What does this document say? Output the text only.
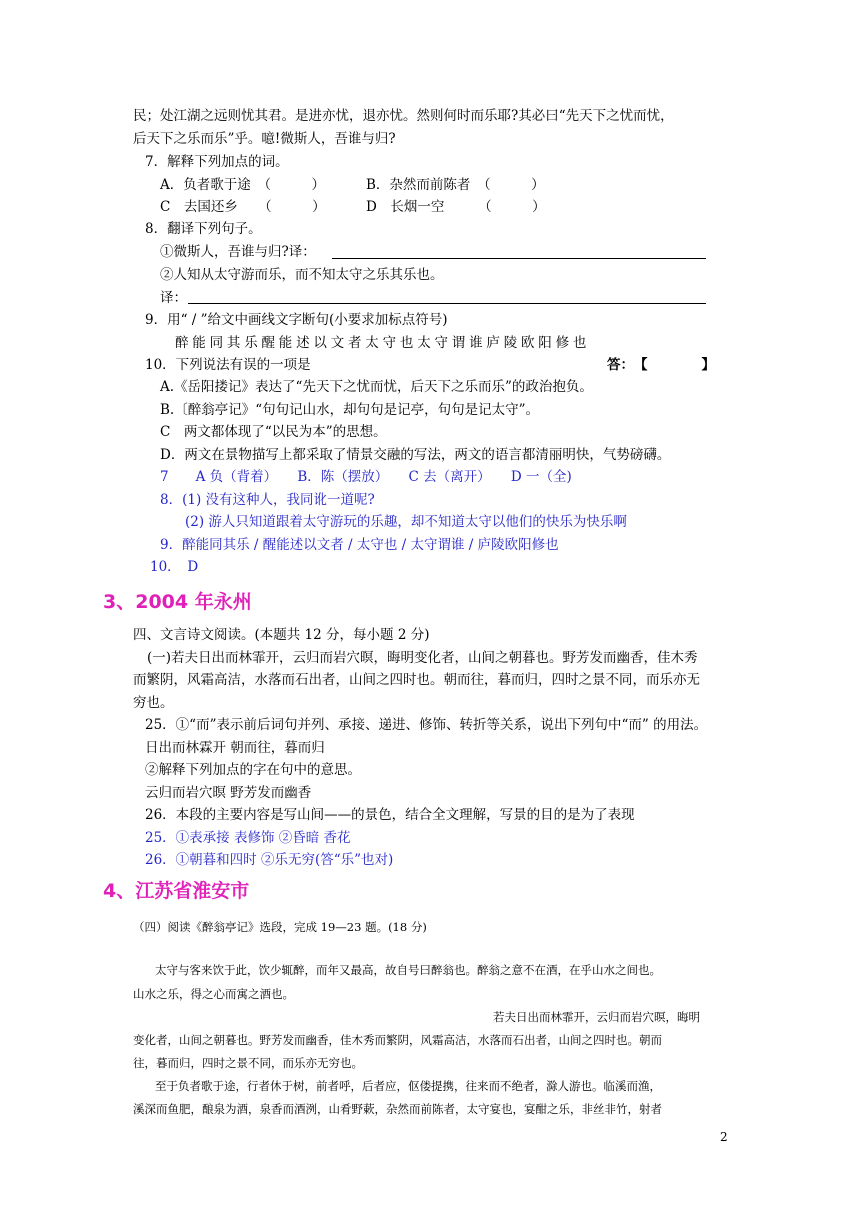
民；处江湖之远则忧其君。是进亦忧，退亦忧。然则何时而乐耶?其必曰“先天下之忧而忧，
后天下之乐而乐”乎。噫!微斯人，吾谁与归?
7．解释下列加点的词。
A．负者歌于途　（　　　）	B．杂然而前陈者　（　　　）
C　去国还乡　　（　　　）	D　长烟一空　　　（　　　）
8．翻译下列句子。
①微斯人，吾谁与归?译：
②人知从太守游而乐，而不知太守之乐其乐也。
译：
9．用“ / ”给文中画线文字断句(小要求加标点符号)
醉能同其乐醒能述以文者太守也太守谓谁庐陵欧阳修也
10．下列说法有误的一项是	答：　【　　　　】
A.《岳阳搂记》表达了“先天下之忧而忧，后天下之乐而乐”的政治抱负。
B.〔醉翁亭记》“句句记山水，却句句是记亭，句句是记太守”。
C　两文都体现了“以民为本”的思想。
D．两文在景物描写上都采取了情景交融的写法，两文的语言都清丽明快，气势磅礴。
7　　A 负（背着）　　B．陈（摆放）　　C 去（离开）　　D 一（全)
8．(1) 没有这种人，我同讹一道呢?
(2) 游人只知道跟着太守游玩的乐趣，却不知道太守以他们的快乐为快乐啊
9．醉能同其乐 / 醒能述以文者 / 太守也 / 太守谓谁 / 庐陵欧阳修也
10．　D
3、2004 年永州
四、文言诗文阅读。(本题共 12 分，每小题 2 分)
(一)若夫日出而林霏开，云归而岩穴暝，晦明变化者，山间之朝暮也。野芳发而幽香，佳木秀
而繁阴，风霜高洁，水落而石出者，山间之四时也。朝而往，暮而归，四时之景不同，而乐亦无
穷也。
25．①“而”表示前后词句并列、承接、递进、修饰、转折等关系，说出下列句中“而” 的用法。
日出而林霖开 朝而往，暮而归
②解释下列加点的字在句中的意思。
云归而岩穴暝 野芳发而幽香
26．本段的主要内容是写山间——的景色，结合全文理解，写景的目的是为了表现
25．①表承接 表修饰 ②昏暗 香花
26．①朝暮和四时 ②乐无穷(答“乐”也对)
4、江苏省淮安市
（四）阅读《醉翁亭记》选段，完成 19—23 题。(18 分)
太守与客来饮于此，饮少辄醉，而年又最高，故自号曰醉翁也。醉翁之意不在酒，在乎山水之间也。
山水之乐，得之心而寓之酒也。
若夫日出而林霏开，云归而岩穴暝，晦明
变化者，山间之朝暮也。野芳发而幽香，佳木秀而繁阴，风霜高洁，水落而石出者，山间之四时也。朝而
往，暮而归，四时之景不同，而乐亦无穷也。
至于负者歌于途，行者休于树，前者呼，后者应，伛偻提携，往来而不绝者，滁人游也。临溪而渔，
溪深而鱼肥，酿泉为酒，泉香而酒洌，山肴野蔌，杂然而前陈者，太守宴也，宴酣之乐，非丝非竹，射者
2
